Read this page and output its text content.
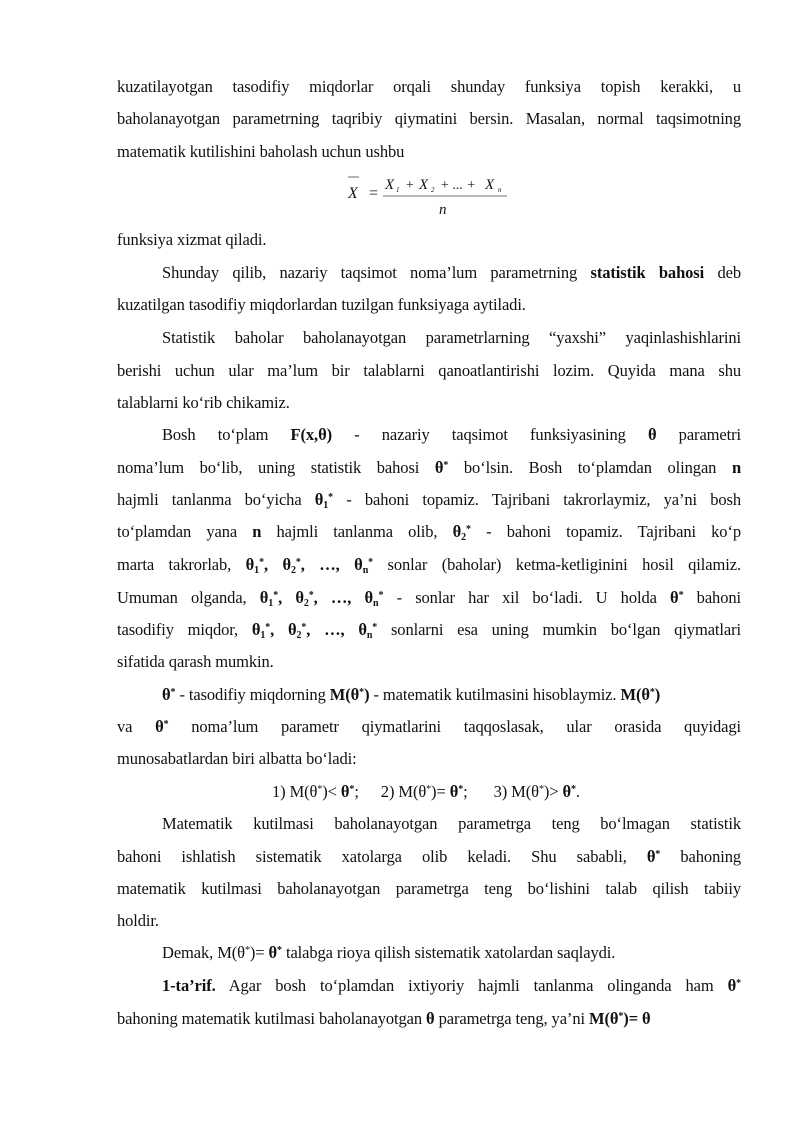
kuzatilayotgan tasodifiy miqdorlar orqali shunday funksiya topish kerakki, u
baholanayotgan parametrning taqribiy qiymatini bersin. Masalan, normal taqsimotning
matematik kutilishini baholash uchun ushbu
X = X 1 + X 2 + ... + X n
n
funksiya xizmat qiladi.
Shunday qilib, nazariy taqsimot noma’lum parametrning statistik bahosi deb
kuzatilgan tasodifiy miqdorlardan tuzilgan funksiyaga aytiladi.
Statistik baholar baholanayotgan parametrlarning “yaxshi” yaqinlashishlarini
berishi uchun ular ma’lum bir talablarni qanoatlantirishi lozim. Quyida mana shu
talablarni ko‘rib chikamiz.
Bosh to‘plam F(x,θ) - nazariy taqsimot funksiyasining θ parametri
noma’lum bo‘lib, uning statistik bahosi θ* bo‘lsin. Bosh to‘plamdan olingan n
hajmli tanlanma bo‘yicha $\theta_1^*$ - bahoni topamiz. Tajribani takrorlaymiz, ya’ni bosh
to‘plamdan yana n hajmli tanlanma olib, $\theta_2^*$ - bahoni topamiz. Tajribani ko‘p
marta takrorlab, $\theta_1^*$, $\theta_2^*$, …, $\theta_n^*$ sonlar (baholar) ketma-ketliginini hosil qilamiz.
Umuman olganda, $\theta_1^*$, $\theta_2^*$, …, $\theta_n^*$ - sonlar har xil bo‘ladi. U holda θ* bahoni
tasodifiy miqdor, $\theta_1^*$, $\theta_2^*$, …, $\theta_n^*$ sonlarni esa uning mumkin bo‘lgan qiymatlari
sifatida qarash mumkin.
θ* - tasodifiy miqdorning M(θ*) - matematik kutilmasini hisoblaymiz. M(θ*)
va θ* noma’lum parametr qiymatlarini taqqoslasak, ular orasida quyidagi
munosabatlardan biri albatta bo‘ladi:
1) M(θ*)< θ*; 2) M(θ*)= θ*; 3) M(θ*)> θ*.
Matematik kutilmasi baholanayotgan parametrga teng bo‘lmagan statistik
bahoni ishlatish sistematik xatolarga olib keladi. Shu sababli, θ* bahoning
matematik kutilmasi baholanayotgan parametrga teng bo‘lishini talab qilish tabiiy
holdir.
Demak, M(θ*)= θ* talabga rioya qilish sistematik xatolardan saqlaydi.
1-ta’rif. Agar bosh to‘plamdan ixtiyoriy hajmli tanlanma olinganda ham θ*
bahoning matematik kutilmasi baholanayotgan θ parametrga teng, ya’ni M(θ*)= θ
